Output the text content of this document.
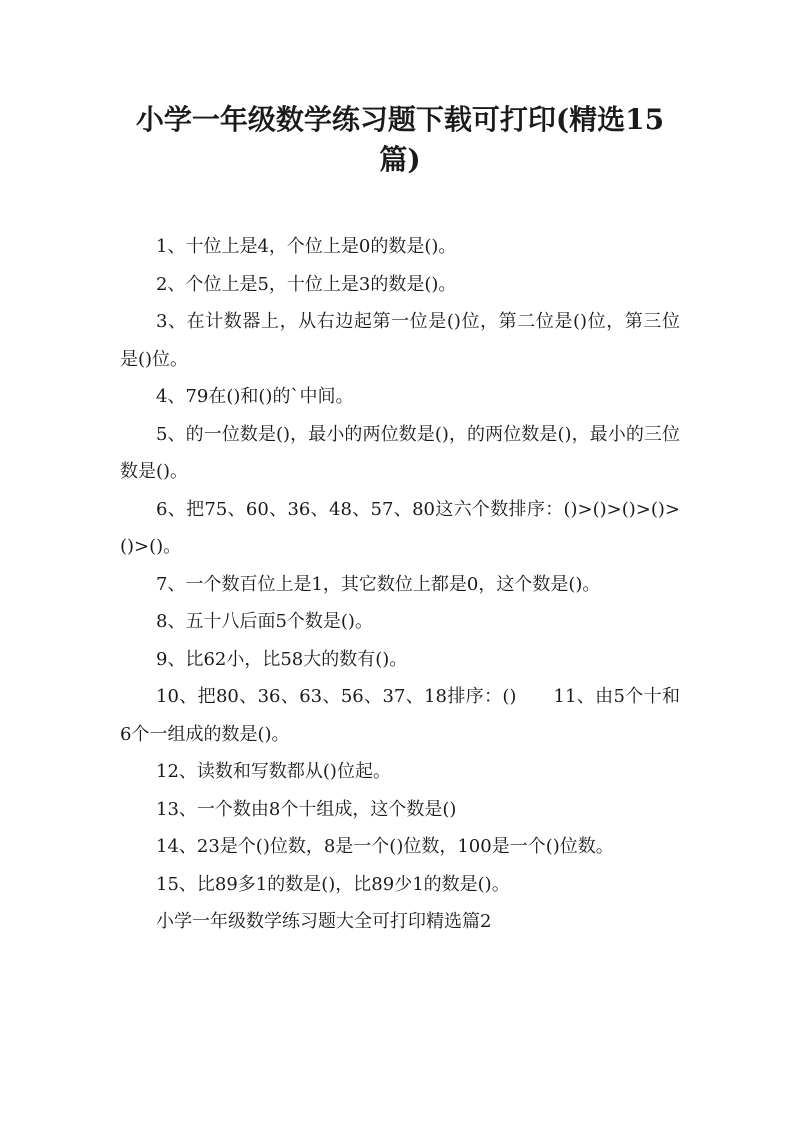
小学一年级数学练习题下载可打印(精选15
篇)

1、十位上是4，个位上是0的数是()。

2、个位上是5，十位上是3的数是()。

3、在计数器上，从右边起第一位是()位，第二位是()位，第三位是()位。

4、79在()和()的`中间。

5、的一位数是()，最小的两位数是()，的两位数是()，最小的三位数是()。

6、把75、60、36、48、57、80这六个数排序：()>()>()>()>()>()。

7、一个数百位上是1，其它数位上都是0，这个数是()。

8、五十八后面5个数是()。

9、比62小，比58大的数有()。

10、把80、36、63、56、37、18排序：()　　11、由5个十和6个一组成的数是()。

12、读数和写数都从()位起。

13、一个数由8个十组成，这个数是()

14、23是个()位数，8是一个()位数，100是一个()位数。

15、比89多1的数是()，比89少1的数是()。

小学一年级数学练习题大全可打印精选篇2
